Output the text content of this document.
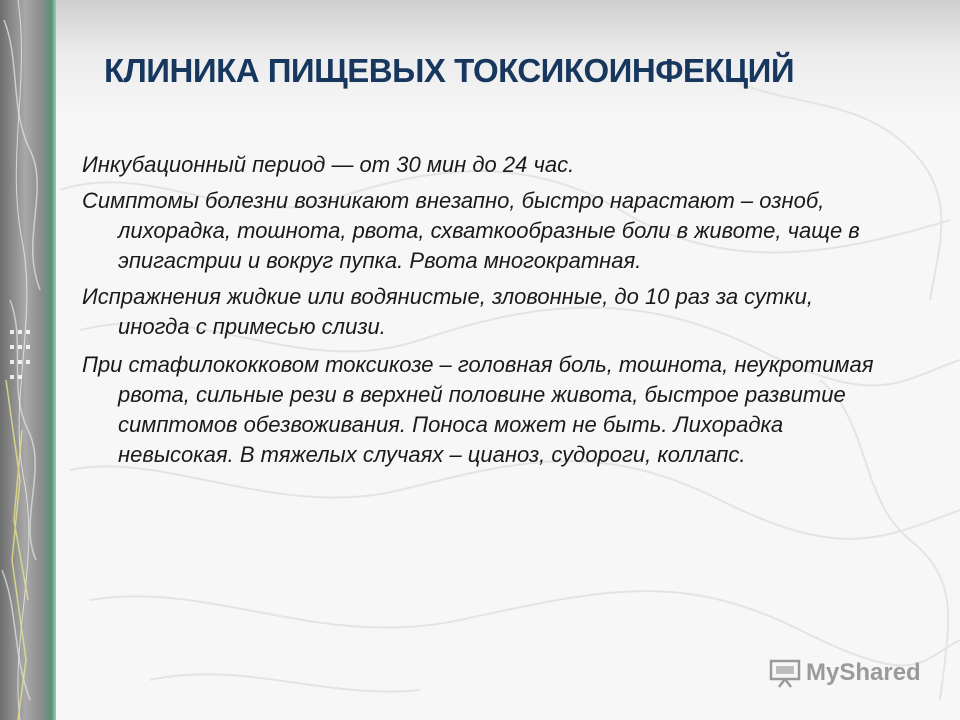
КЛИНИКА ПИЩЕВЫХ ТОКСИКОИНФЕКЦИЙ

Инкубационный период — от 30 мин до 24 час.

Симптомы болезни возникают внезапно, быстро нарастают – озноб, лихорадка, тошнота, рвота, схваткообразные боли в животе, чаще в эпигастрии и вокруг пупка. Рвота многократная.

Испражнения жидкие или водянистые, зловонные, до 10 раз за сутки, иногда с примесью слизи.

При стафилококковом токсикозе – головная боль, тошнота, неукротимая рвота, сильные рези в верхней половине живота, быстрое развитие симптомов обезвоживания. Поноса может не быть. Лихорадка невысокая. В тяжелых случаях – цианоз, судороги, коллапс.

MyShared
